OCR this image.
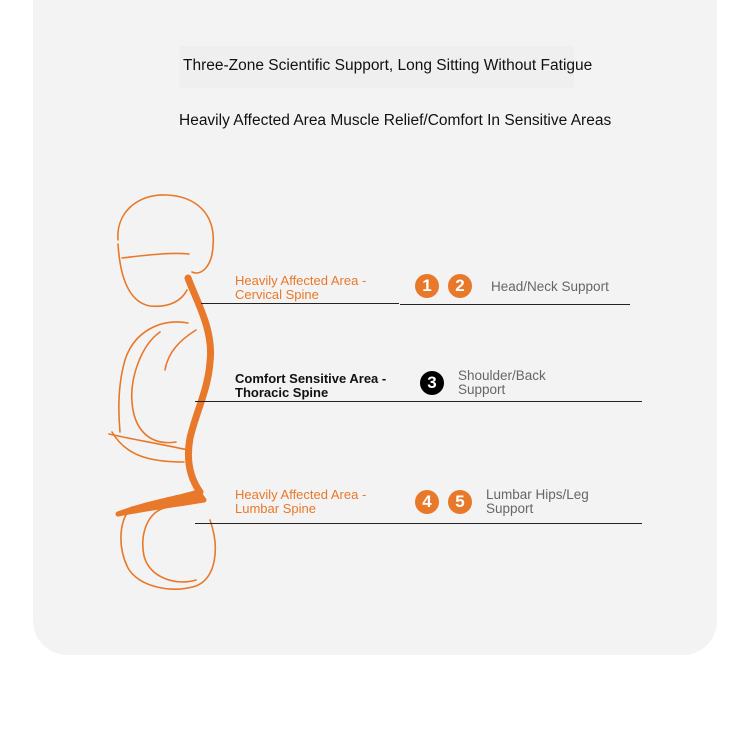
Three-Zone Scientific Support, Long Sitting Without Fatigue
Heavily Affected Area Muscle Relief/Comfort In Sensitive Areas
Heavily Affected Area -
Cervical Spine	1	2	Head/Neck Support
Comfort Sensitive Area -
Thoracic Spine
3	Shoulder/Back
Support
Heavily Affected Area -
Lumbar Spine	4	5	Lumbar Hips/Leg
Support
